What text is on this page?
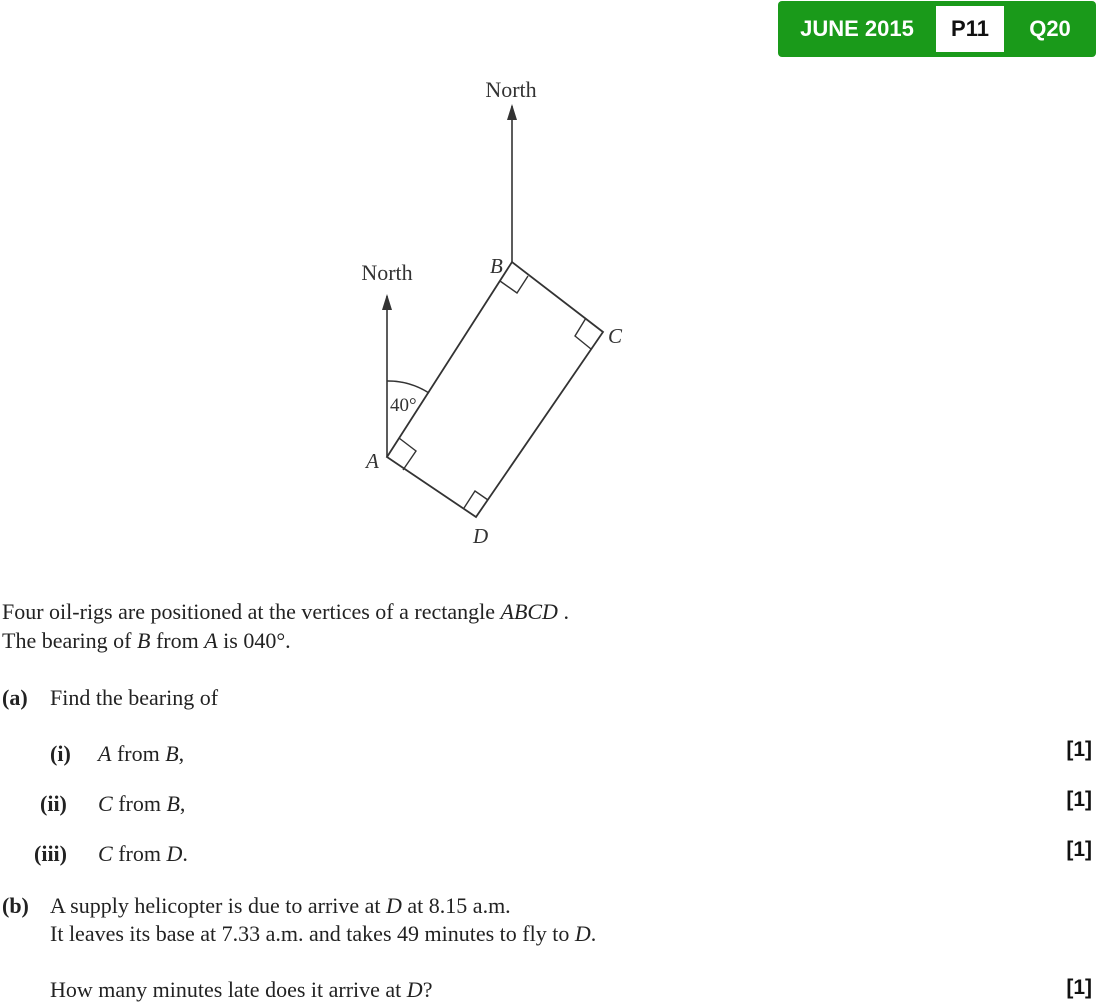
JUNE 2015	P11	Q20
North
North
40°
A
B
C
D
Four oil-rigs are positioned at the vertices of a rectangle ABCD .
The bearing of B from A is 040°.
(a) Find the bearing of
(i) A from B,	[1]
(ii) C from B,	[1]
(iii) C from D.	[1]
(b) A supply helicopter is due to arrive at D at 8.15 a.m.
It leaves its base at 7.33 a.m. and takes 49 minutes to fly to D.
How many minutes late does it arrive at D?	[1]
